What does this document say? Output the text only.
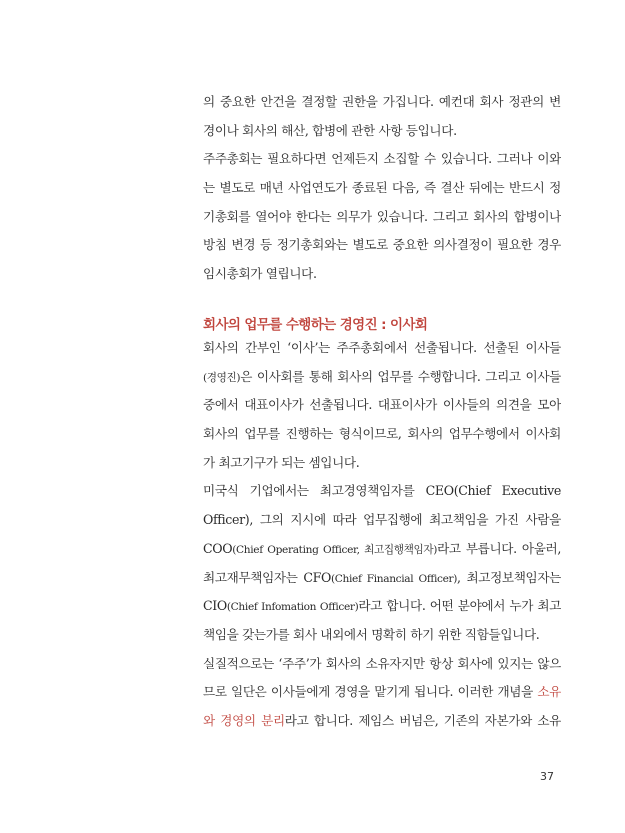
의 중요한 안건을 결정할 권한을 가집니다. 예컨대 회사 정관의 변
경이나 회사의 해산, 합병에 관한 사항 등입니다.
주주총회는 필요하다면 언제든지 소집할 수 있습니다. 그러나 이와
는 별도로 매년 사업연도가 종료된 다음, 즉 결산 뒤에는 반드시 정
기총회를 열어야 한다는 의무가 있습니다. 그리고 회사의 합병이나
방침 변경 등 정기총회와는 별도로 중요한 의사결정이 필요한 경우
임시총회가 열립니다.
회사의 업무를 수행하는 경영진 : 이사회
회사의 간부인 ‘이사’는 주주총회에서 선출됩니다. 선출된 이사들
(경영진)은 이사회를 통해 회사의 업무를 수행합니다. 그리고 이사들
중에서 대표이사가 선출됩니다. 대표이사가 이사들의 의견을 모아
회사의 업무를 진행하는 형식이므로, 회사의 업무수행에서 이사회
가 최고기구가 되는 셈입니다.
미국식 기업에서는 최고경영책임자를 CEO(Chief Executive
Officer), 그의 지시에 따라 업무집행에 최고책임을 가진 사람을
COO(Chief Operating Officer, 최고집행책임자)라고 부릅니다. 아울러,
최고재무책임자는 CFO(Chief Financial Officer), 최고정보책임자는
CIO(Chief Infomation Officer)라고 합니다. 어떤 분야에서 누가 최고
책임을 갖는가를 회사 내외에서 명확히 하기 위한 직함들입니다.
실질적으로는 ‘주주’가 회사의 소유자지만 항상 회사에 있지는 않으
므로 일단은 이사들에게 경영을 맡기게 됩니다. 이러한 개념을 소유
와 경영의 분리라고 합니다. 제임스 버넘은, 기존의 자본가와 소유
37
